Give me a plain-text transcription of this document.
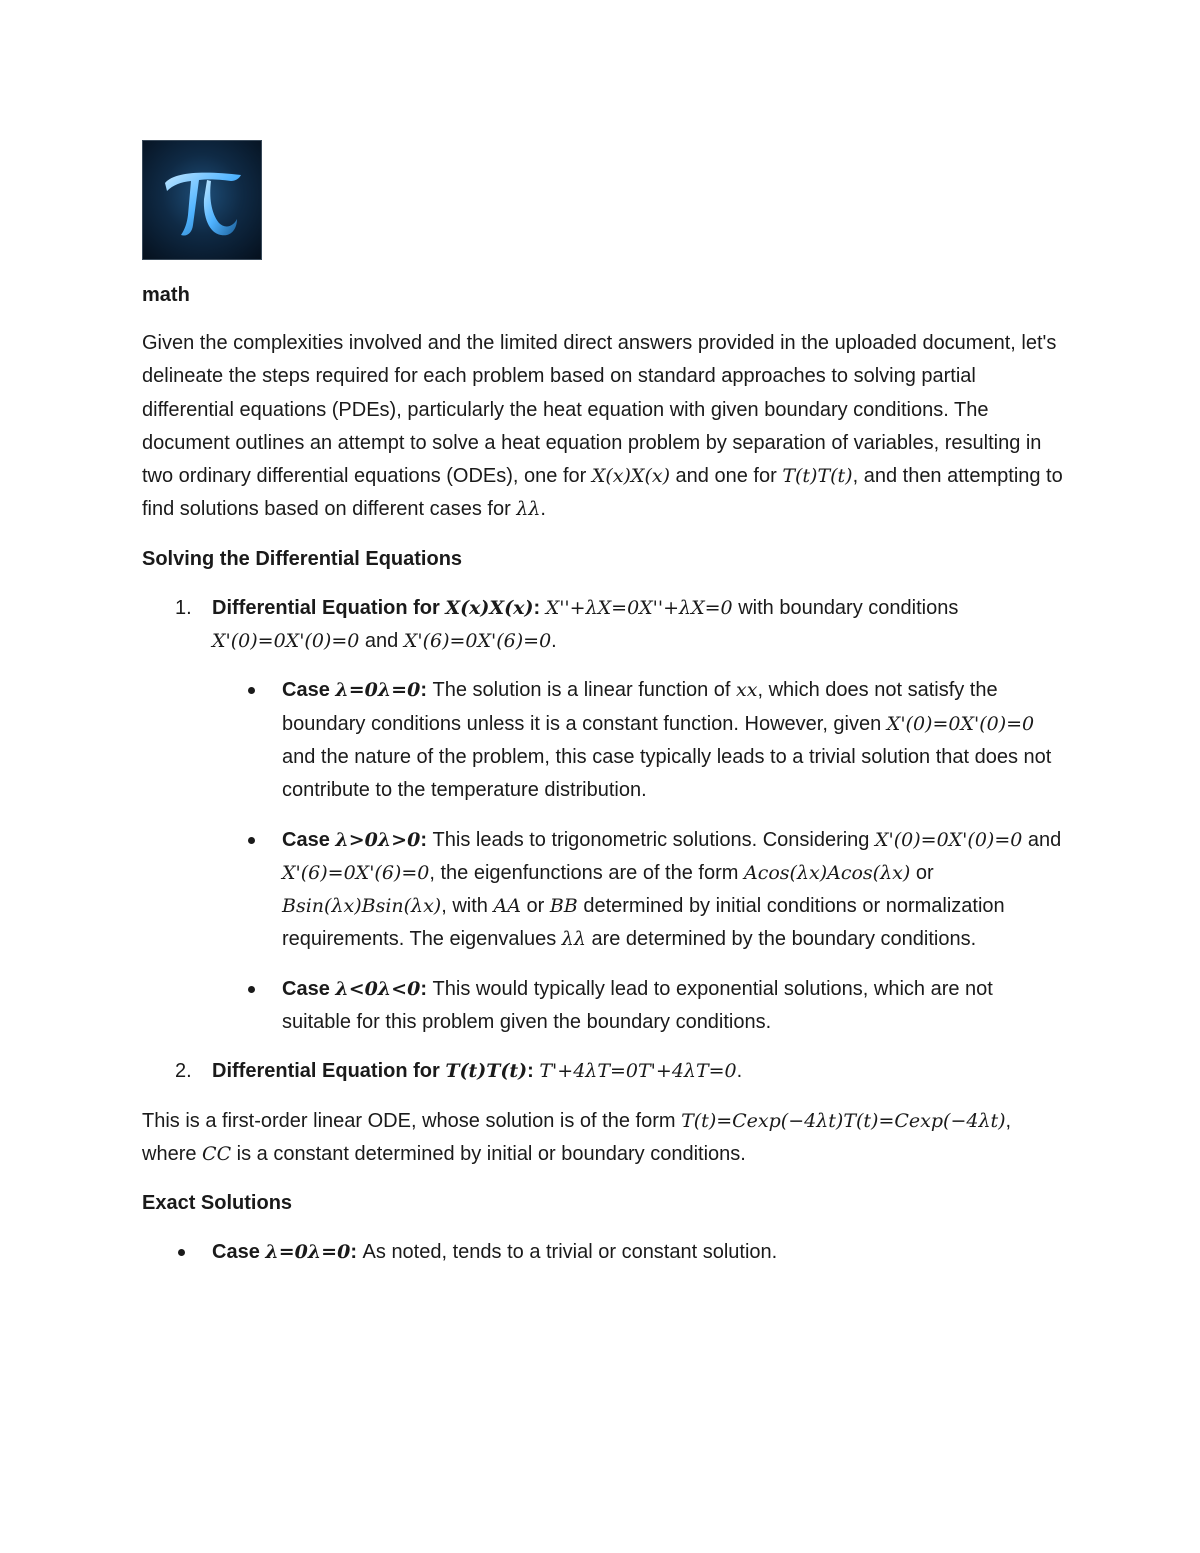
math

Given the complexities involved and the limited direct answers provided in the uploaded document, let's delineate the steps required for each problem based on standard approaches to solving partial differential equations (PDEs), particularly the heat equation with given boundary conditions. The document outlines an attempt to solve a heat equation problem by separation of variables, resulting in two ordinary differential equations (ODEs), one for X(x)X(x) and one for T(t)T(t), and then attempting to find solutions based on different cases for λλ.

Solving the Differential Equations
1. Differential Equation for X(x)X(x): X''+λX=0X''+λX=0 with boundary conditions X'(0)=0X'(0)=0 and X'(6)=0X'(6)=0.
Case λ=0λ=0: The solution is a linear function of xx, which does not satisfy the boundary conditions unless it is a constant function. However, given X'(0)=0X'(0)=0 and the nature of the problem, this case typically leads to a trivial solution that does not contribute to the temperature distribution.
Case λ>0λ>0: This leads to trigonometric solutions. Considering X'(0)=0X'(0)=0 and X'(6)=0X'(6)=0, the eigenfunctions are of the form Acos(λx)Acos(λx) or Bsin(λx)Bsin(λx), with AA or BB determined by initial conditions or normalization requirements. The eigenvalues λλ are determined by the boundary conditions.
Case λ<0λ<0: This would typically lead to exponential solutions, which are not suitable for this problem given the boundary conditions.
2. Differential Equation for T(t)T(t): T'+4λT=0T'+4λT=0.

This is a first-order linear ODE, whose solution is of the form T(t)=Cexp(−4λt)T(t)=Cexp(−4λt), where CC is a constant determined by initial or boundary conditions.

Exact Solutions
Case λ=0λ=0: As noted, tends to a trivial or constant solution.
